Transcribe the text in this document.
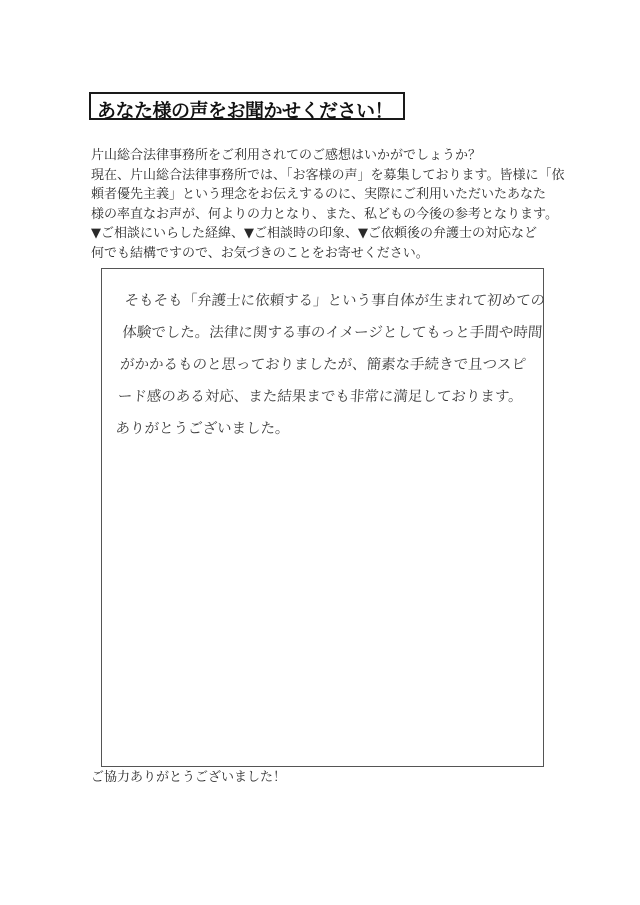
あなた様の声をお聞かせください！
片山総合法律事務所をご利用されてのご感想はいかがでしょうか？
現在、片山総合法律事務所では、「お客様の声」を募集しております。皆様に「依
頼者優先主義」という理念をお伝えするのに、実際にご利用いただいたあなた
様の率直なお声が、何よりの力となり、また、私どもの今後の参考となります。
▼ご相談にいらした経緯、▼ご相談時の印象、▼ご依頼後の弁護士の対応など
何でも結構ですので、お気づきのことをお寄せください。
そもそも「弁護士に依頼する」という事自体が生まれて初めての
体験でした。法律に関する事のイメージとしてもっと手間や時間
がかかるものと思っておりましたが、簡素な手続きで且つスピ
ード感のある対応、また結果までも非常に満足しております。
ありがとうございました。
ご協力ありがとうございました！
